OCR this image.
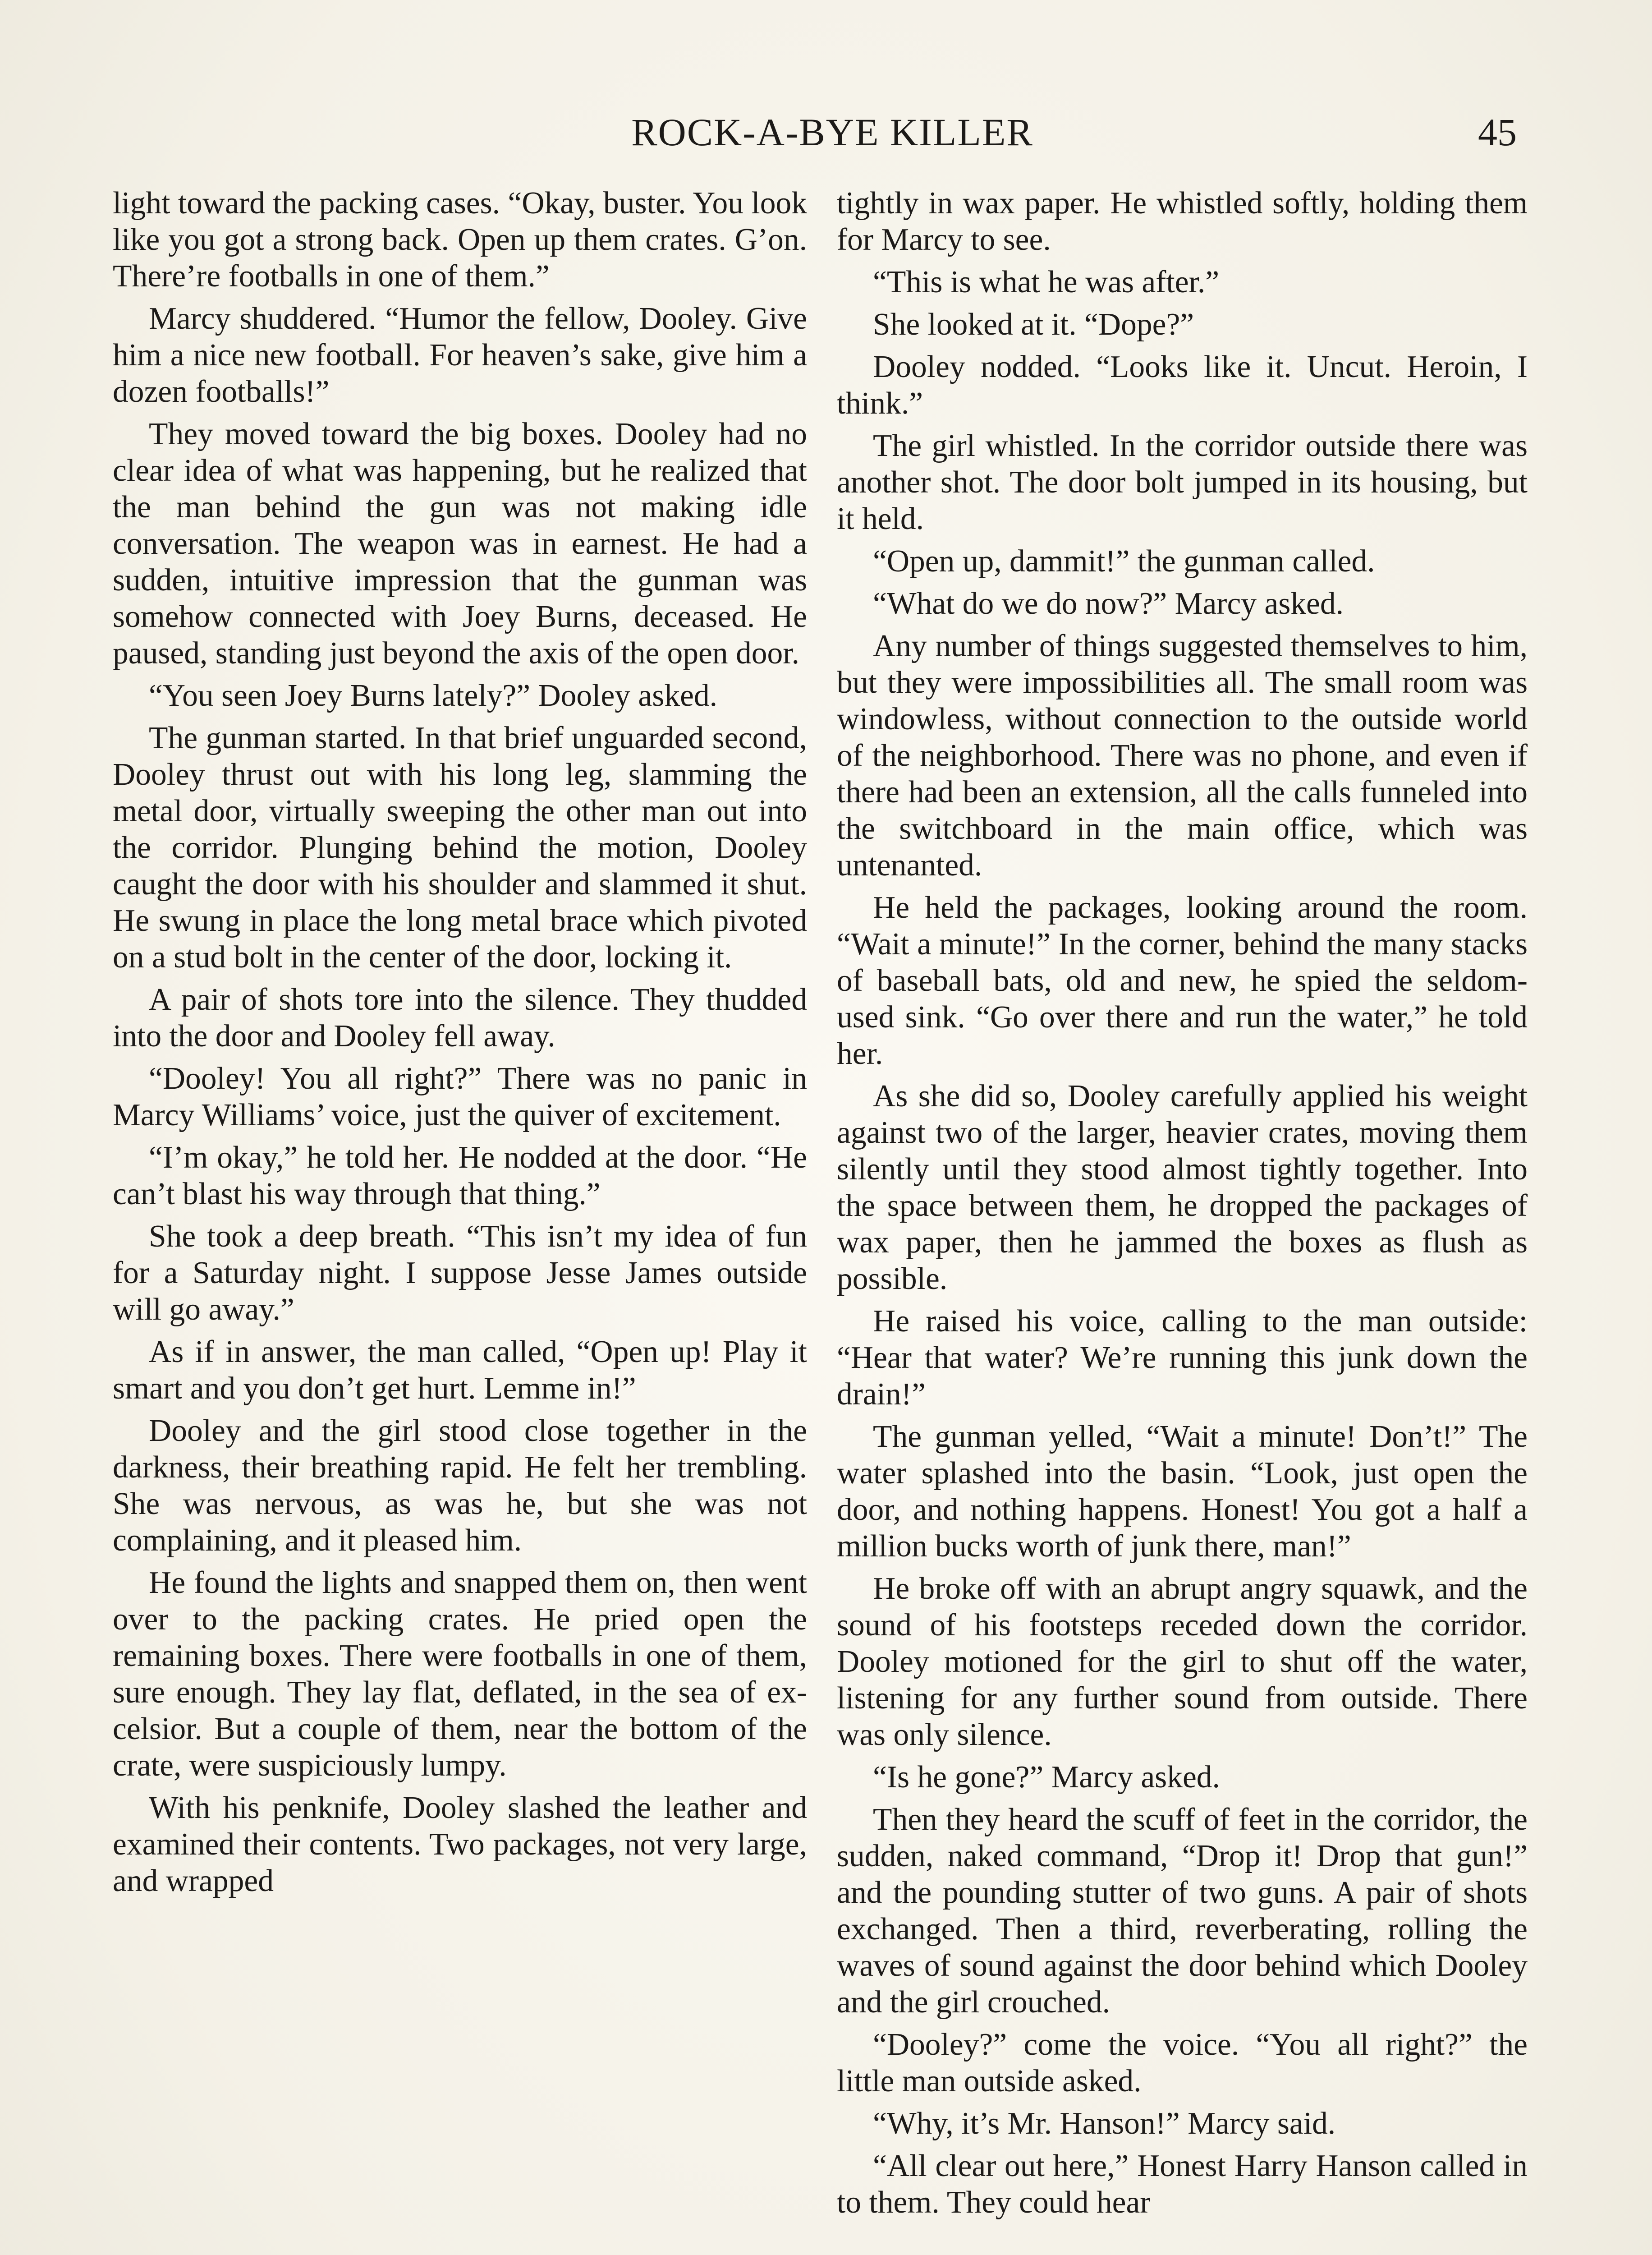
ROCK-A-BYE KILLER	45

light toward the packing cases. “Okay, buster. You look like you got a strong back. Open up them crates. G’on. There’re footballs in one of them.”

Marcy shuddered. “Humor the fellow, Dooley. Give him a nice new football. For heaven’s sake, give him a dozen footballs!”

They moved toward the big boxes. Dooley had no clear idea of what was happening, but he realized that the man behind the gun was not making idle conversation. The weapon was in earnest. He had a sudden, intuitive impression that the gunman was somehow connected with Joey Burns, deceased. He paused, standing just beyond the axis of the open door.

“You seen Joey Burns lately?” Dooley asked.

The gunman started. In that brief unguarded second, Dooley thrust out with his long leg, slamming the metal door, virtually sweeping the other man out into the corridor. Plunging behind the motion, Dooley caught the door with his shoulder and slammed it shut. He swung in place the long metal brace which pivoted on a stud bolt in the center of the door, locking it.

A pair of shots tore into the silence. They thudded into the door and Dooley fell away.

“Dooley! You all right?” There was no panic in Marcy Williams’ voice, just the quiver of excitement.

“I’m okay,” he told her. He nodded at the door. “He can’t blast his way through that thing.”

She took a deep breath. “This isn’t my idea of fun for a Saturday night. I suppose Jesse James outside will go away.”

As if in answer, the man called, “Open up! Play it smart and you don’t get hurt. Lemme in!”

Dooley and the girl stood close together in the darkness, their breathing rapid. He felt her trembling. She was nervous, as was he, but she was not complaining, and it pleased him.

He found the lights and snapped them on, then went over to the packing crates. He pried open the remaining boxes. There were footballs in one of them, sure enough. They lay flat, deflated, in the sea of excelsior. But a couple of them, near the bottom of the crate, were suspiciously lumpy.

With his penknife, Dooley slashed the leather and examined their contents. Two packages, not very large, and wrapped

tightly in wax paper. He whistled softly, holding them for Marcy to see.

“This is what he was after.”

She looked at it. “Dope?”

Dooley nodded. “Looks like it. Uncut. Heroin, I think.”

The girl whistled. In the corridor outside there was another shot. The door bolt jumped in its housing, but it held.

“Open up, dammit!” the gunman called.

“What do we do now?” Marcy asked.

Any number of things suggested themselves to him, but they were impossibilities all. The small room was windowless, without connection to the outside world of the neighborhood. There was no phone, and even if there had been an extension, all the calls funneled into the switchboard in the main office, which was untenanted.

He held the packages, looking around the room. “Wait a minute!” In the corner, behind the many stacks of baseball bats, old and new, he spied the seldom-used sink. “Go over there and run the water,” he told her.

As she did so, Dooley carefully applied his weight against two of the larger, heavier crates, moving them silently until they stood almost tightly together. Into the space between them, he dropped the packages of wax paper, then he jammed the boxes as flush as possible.

He raised his voice, calling to the man outside: “Hear that water? We’re running this junk down the drain!”

The gunman yelled, “Wait a minute! Don’t!” The water splashed into the basin. “Look, just open the door, and nothing happens. Honest! You got a half a million bucks worth of junk there, man!”

He broke off with an abrupt angry squawk, and the sound of his footsteps receded down the corridor. Dooley motioned for the girl to shut off the water, listening for any further sound from outside. There was only silence.

“Is he gone?” Marcy asked.

Then they heard the scuff of feet in the corridor, the sudden, naked command, “Drop it! Drop that gun!” and the pounding stutter of two guns. A pair of shots exchanged. Then a third, reverberating, rolling the waves of sound against the door behind which Dooley and the girl crouched.

“Dooley?” come the voice. “You all right?” the little man outside asked.

“Why, it’s Mr. Hanson!” Marcy said.

“All clear out here,” Honest Harry Hanson called in to them. They could hear
